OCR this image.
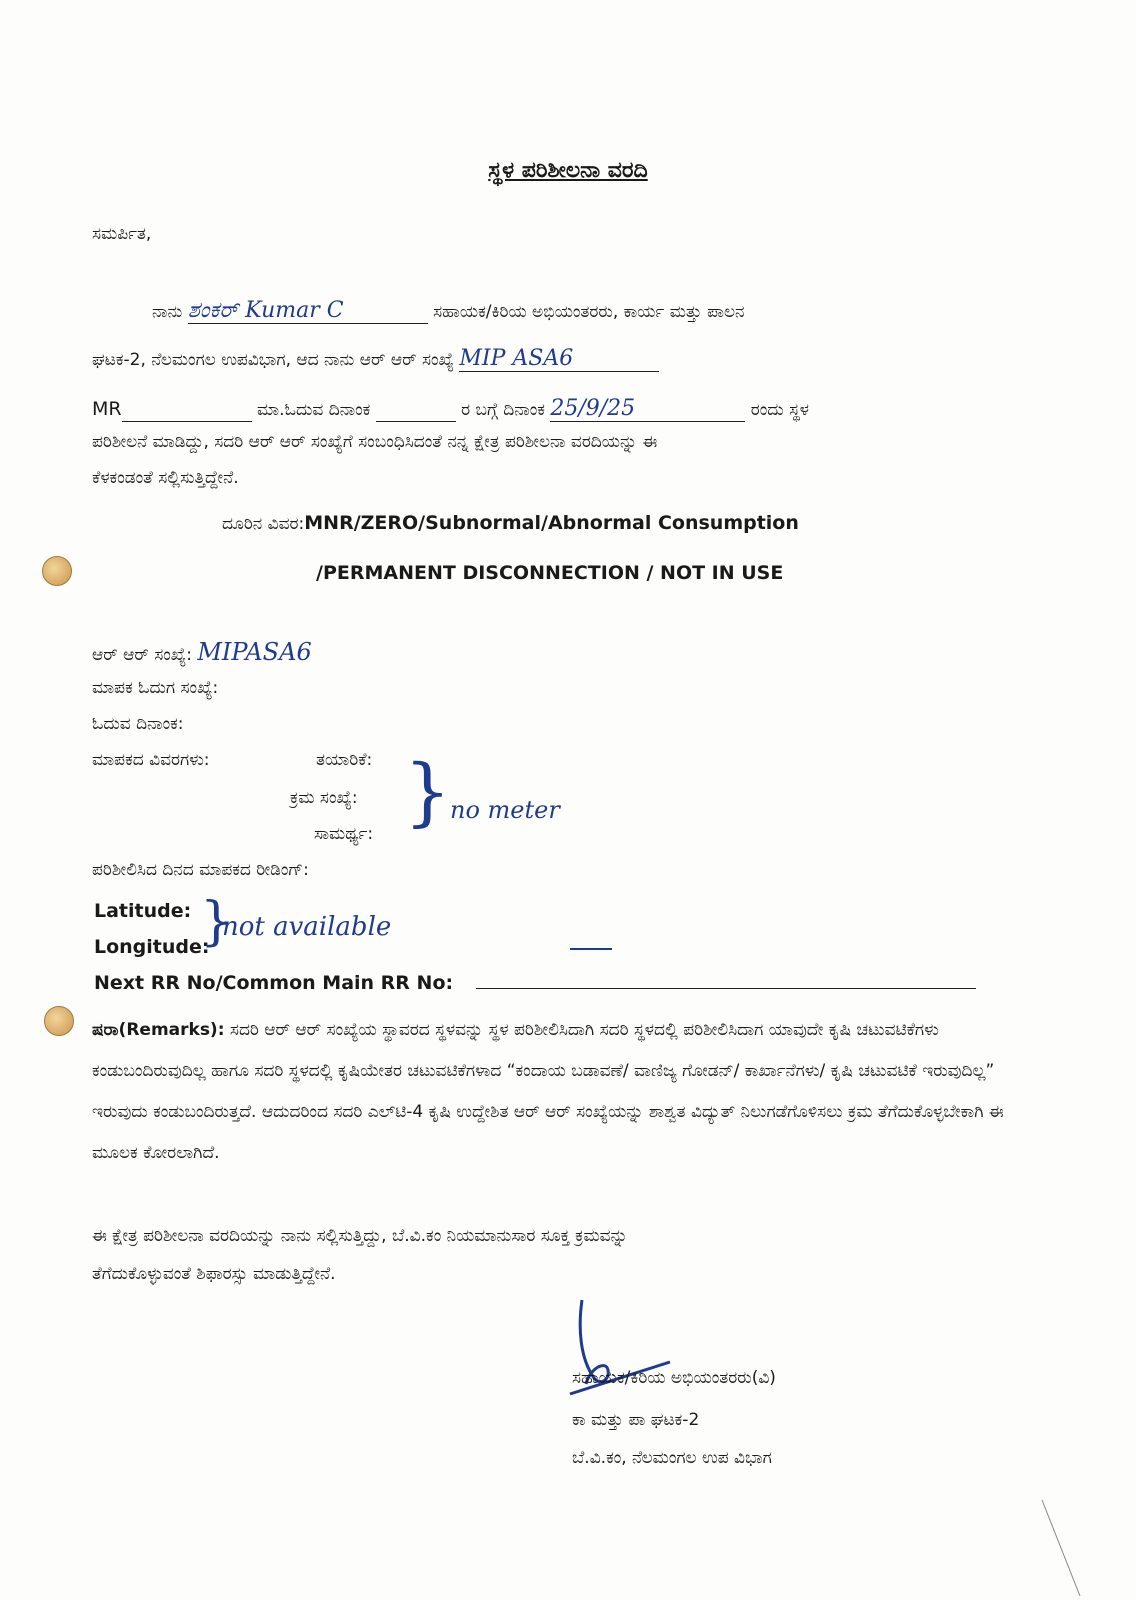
ಸ್ಥಳ ಪರಿಶೀಲನಾ ವರದಿ
ಸಮರ್ಪಿತ,
ನಾನು ಶಂಕರ್ Kumar C	ಸಹಾಯಕ/ಕಿರಿಯ ಅಭಿಯಂತರರು, ಕಾರ್ಯ ಮತ್ತು ಪಾಲನ
ಘಟಕ-2, ನೆಲಮಂಗಲ ಉಪವಿಭಾಗ, ಆದ ನಾನು ಆರ್ ಆರ್ ಸಂಖ್ಯೆ MIP ASA6
MR	ಮಾ.ಓದುವ ದಿನಾಂಕ	ರ ಬಗ್ಗೆ ದಿನಾಂಕ 25/9/25	ರಂದು ಸ್ಥಳ
ಪರಿಶೀಲನೆ ಮಾಡಿದ್ದು, ಸದರಿ ಆರ್ ಆರ್ ಸಂಖ್ಯೆಗೆ ಸಂಬಂಧಿಸಿದಂತೆ ನನ್ನ ಕ್ಷೇತ್ರ ಪರಿಶೀಲನಾ ವರದಿಯನ್ನು ಈ
ಕೆಳಕಂಡಂತೆ ಸಲ್ಲಿಸುತ್ತಿದ್ದೇನೆ.
ದೂರಿನ ವಿವರ:MNR/ZERO/Subnormal/Abnormal Consumption
/PERMANENT DISCONNECTION / NOT IN USE
ಆರ್ ಆರ್ ಸಂಖ್ಯೆ: MIPASA6
ಮಾಪಕ ಓದುಗ ಸಂಖ್ಯೆ:
ಓದುವ ದಿನಾಂಕ:
ಮಾಪಕದ ವಿವರಗಳು:	ತಯಾರಿಕೆ:
ಕ್ರಮ ಸಂಖ್ಯೆ:
ಸಾಮರ್ಥ್ಯ: }
no meter
ಪರಿಶೀಲಿಸಿದ ದಿನದ ಮಾಪಕದ ರೀಡಿಂಗ್:
Latitude:
Longitude:
}
not available
Next RR No/Common Main RR No:
ಷರಾ(Remarks): ಸದರಿ ಆರ್ ಆರ್ ಸಂಖ್ಯೆಯ ಸ್ಥಾವರದ ಸ್ಥಳವನ್ನು ಸ್ಥಳ ಪರಿಶೀಲಿಸಿದಾಗಿ ಸದರಿ ಸ್ಥಳದಲ್ಲಿ ಪರಿಶೀಲಿಸಿದಾಗ ಯಾವುದೇ ಕೃಷಿ ಚಟುವಟಿಕೆಗಳು ಕಂಡುಬಂದಿರುವುದಿಲ್ಲ ಹಾಗೂ ಸದರಿ ಸ್ಥಳದಲ್ಲಿ ಕೃಷಿಯೇತರ ಚಟುವಟಿಕೆಗಳಾದ “ಕಂದಾಯ ಬಡಾವಣೆ/ ವಾಣಿಜ್ಯ ಗೋಡನ್/ ಕಾರ್ಖಾನೆಗಳು/ ಕೃಷಿ ಚಟುವಟಿಕೆ ಇರುವುದಿಲ್ಲ” ಇರುವುದು ಕಂಡುಬಂದಿರುತ್ತದೆ. ಆದುದರಿಂದ ಸದರಿ ಎಲ್‌ಟಿ-4 ಕೃಷಿ ಉದ್ದೇಶಿತ ಆರ್ ಆರ್ ಸಂಖ್ಯೆಯನ್ನು ಶಾಶ್ವತ ವಿದ್ಯುತ್ ನಿಲುಗಡೆಗೊಳಿಸಲು ಕ್ರಮ ತೆಗೆದುಕೊಳ್ಳಬೇಕಾಗಿ ಈ ಮೂಲಕ ಕೋರಲಾಗಿದೆ.
ಈ ಕ್ಷೇತ್ರ ಪರಿಶೀಲನಾ ವರದಿಯನ್ನು ನಾನು ಸಲ್ಲಿಸುತ್ತಿದ್ದು, ಬೆ.ವಿ.ಕಂ ನಿಯಮಾನುಸಾರ ಸೂಕ್ತ ಕ್ರಮವನ್ನು
ತೆಗೆದುಕೊಳ್ಳುವಂತೆ ಶಿಫಾರಸ್ಸು ಮಾಡುತ್ತಿದ್ದೇನೆ.
ಸಹಾಯಕ/ಕಿರಿಯ ಅಭಿಯಂತರರು(ವಿ)
ಕಾ ಮತ್ತು ಪಾ ಘಟಕ-2
ಬೆ.ವಿ.ಕಂ, ನೆಲಮಂಗಲ ಉಪ ವಿಭಾಗ
